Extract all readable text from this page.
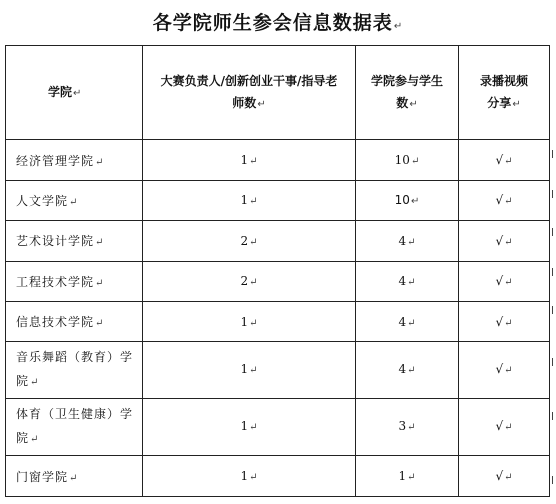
各学院师生参会信息数据表↵
学院↵	大赛负责人/创新创业干事/指导老师数↵	学院参与学生数↵	录播视频分享↵
经济管理学院↵	1↵	10↵	√↵
人文学院↵	1↵	10↵	√↵
艺术设计学院↵	2↵	4↵	√↵
工程技术学院↵	2↵	4↵	√↵
信息技术学院↵	1↵	4↵	√↵
音乐舞蹈（教育）学院↵	1↵	4↵	√↵
体育（卫生健康）学院↵	1↵	3↵	√↵
门窗学院↵	1↵	1↵	√↵
